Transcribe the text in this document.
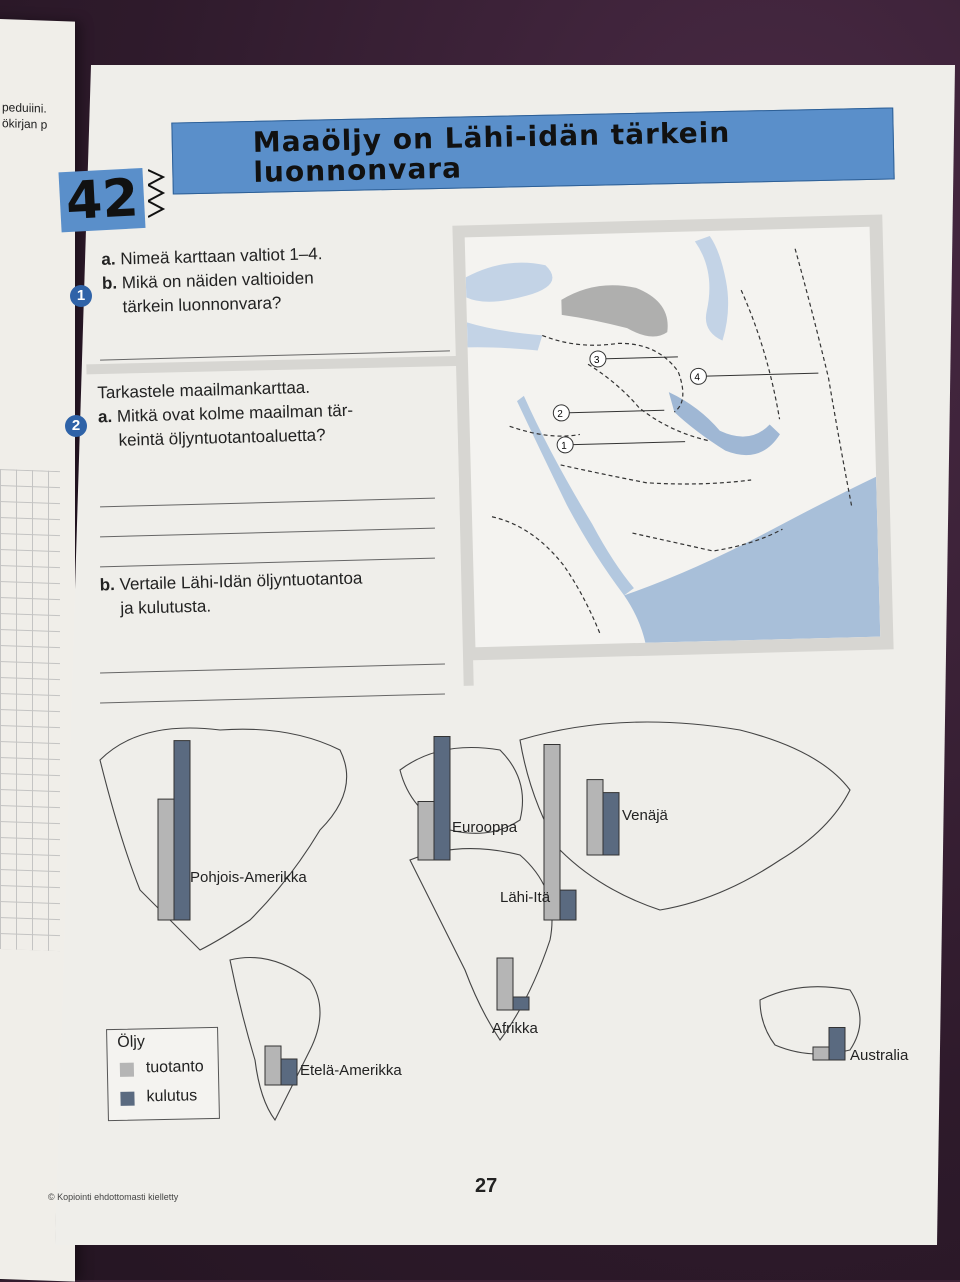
peduiini.
ökirjan p	Maaöljy on Lähi-idän tärkein
luonnonvara
42
1
a. Nimeä karttaan valtiot 1–4.
b. Mikä on näiden valtioiden
tärkein luonnonvara?
2
Tarkastele maailmankarttaa.
a. Mitkä ovat kolme maailman tär-
keintä öljyntuotantoaluetta?
b. Vertaile Lähi-Idän öljyntuotantoa
ja kulutusta.
1
2
3
4
Pohjois-Amerikka
Eurooppa
Venäjä
Lähi-Itä
Afrikka
Etelä-Amerikka
Australia
Öljy
tuotanto
kulutus
27
© Kopiointi ehdottomasti kielletty
